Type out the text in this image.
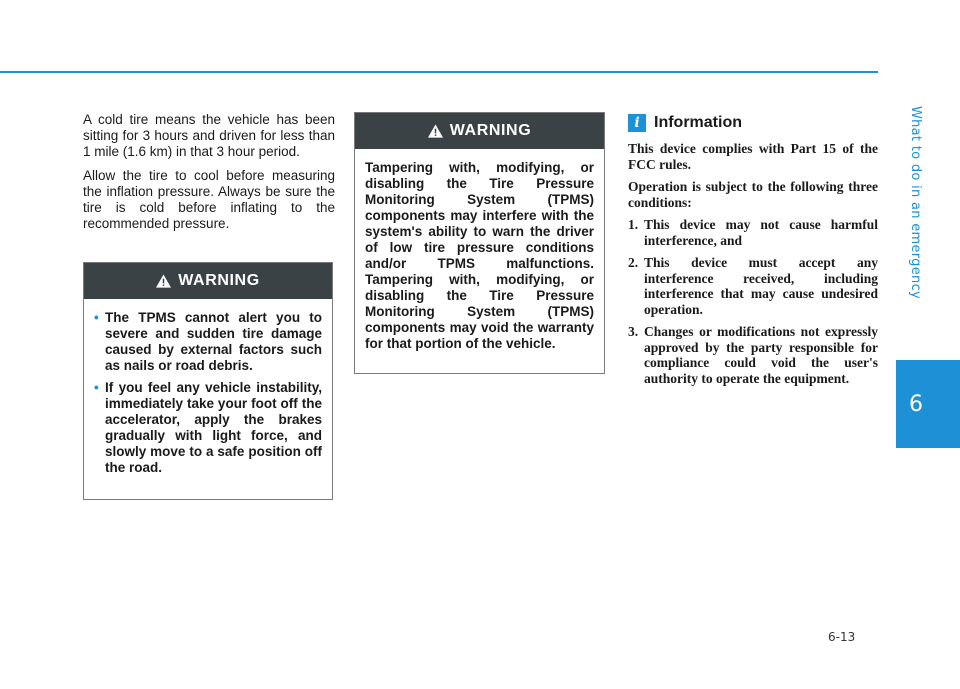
What to do in an emergency
6

A cold tire means the vehicle has been sitting for 3 hours and driven for less than 1 mile (1.6 km) in that 3 hour period.

Allow the tire to cool before measuring the inflation pressure. Always be sure the tire is cold before inflating to the recommended pressure.

WARNING
• The TPMS cannot alert you to severe and sudden tire damage caused by external factors such as nails or road debris.
• If you feel any vehicle instability, immediately take your foot off the accelerator, apply the brakes gradually with light force, and slowly move to a safe position off the road.
WARNING

Tampering with, modifying, or disabling the Tire Pressure Monitoring System (TPMS) components may interfere with the system's ability to warn the driver of low tire pressure conditions and/or TPMS malfunctions. Tampering with, modifying, or disabling the Tire Pressure Monitoring System (TPMS) components may void the warranty for that portion of the vehicle.

i Information

This device complies with Part 15 of the FCC rules.

Operation is subject to the following three conditions:

1. This device may not cause harmful interference, and
2. This device must accept any interference received, including interference that may cause undesired operation.
3. Changes or modifications not expressly approved by the party responsible for compliance could void the user's authority to operate the equipment.
6-13
